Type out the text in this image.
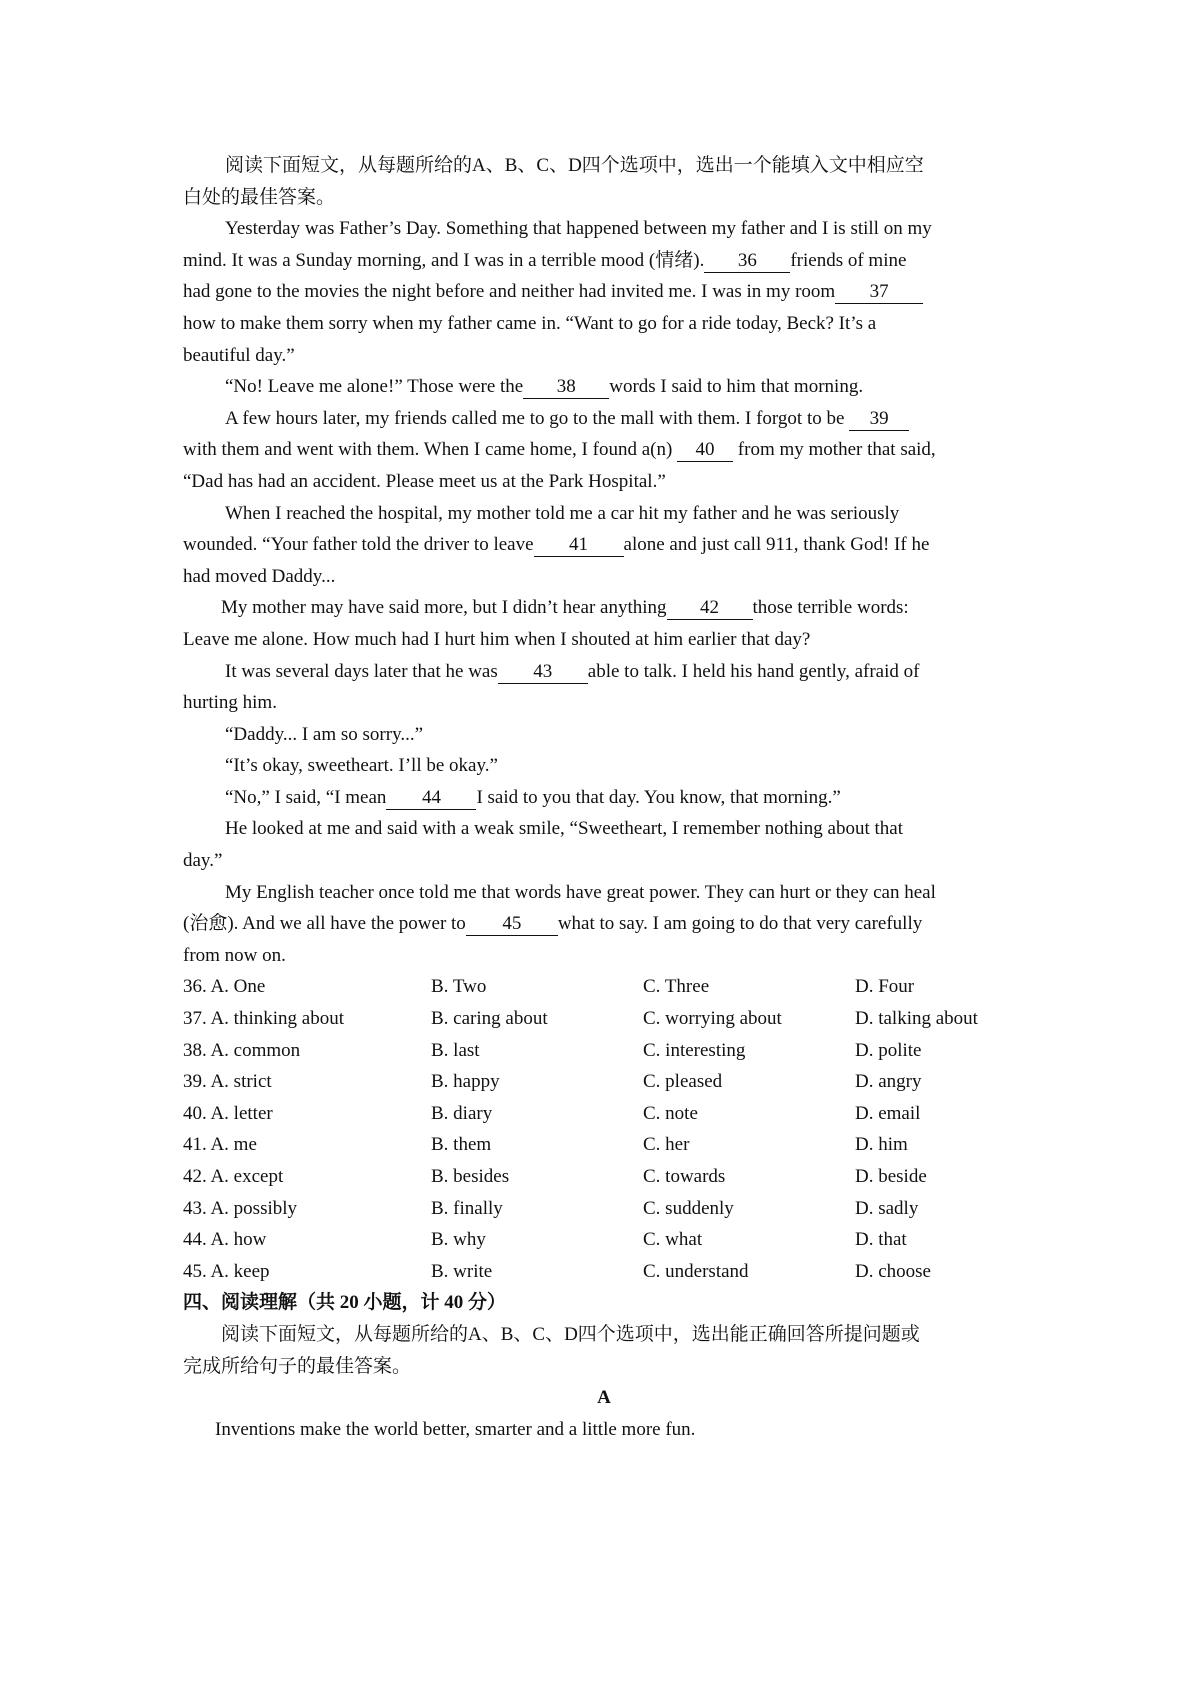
阅读下面短文，从每题所给的A、B、C、D四个选项中，选出一个能填入文中相应空
白处的最佳答案。

Yesterday was Father’s Day. Something that happened between my father and I is still on my
mind. It was a Sunday morning, and I was in a terrible mood (情绪). 36 friends of mine
had gone to the movies the night before and neither had invited me. I was in my room 37
how to make them sorry when my father came in. “Want to go for a ride today, Beck? It’s a
beautiful day.”

“No! Leave me alone!” Those were the 38 words I said to him that morning.

A few hours later, my friends called me to go to the mall with them. I forgot to be 39
with them and went with them. When I came home, I found a(n) 40 from my mother that said,
“Dad has had an accident. Please meet us at the Park Hospital.”

When I reached the hospital, my mother told me a car hit my father and he was seriously
wounded. “Your father told the driver to leave 41 alone and just call 911, thank God! If he
had moved Daddy...

My mother may have said more, but I didn’t hear anything 42 those terrible words:
Leave me alone. How much had I hurt him when I shouted at him earlier that day?

It was several days later that he was 43 able to talk. I held his hand gently, afraid of
hurting him.

“Daddy... I am so sorry...”

“It’s okay, sweetheart. I’ll be okay.”

“No,” I said, “I mean 44 I said to you that day. You know, that morning.”

He looked at me and said with a weak smile, “Sweetheart, I remember nothing about that
day.”

My English teacher once told me that words have great power. They can hurt or they can heal
(治愈). And we all have the power to 45 what to say. I am going to do that very carefully
from now on.

36. A. One	B. Two	C. Three	D. Four
37. A. thinking about	B. caring about	C. worrying about	D. talking about
38. A. common	B. last	C. interesting	D. polite
39. A. strict	B. happy	C. pleased	D. angry
40. A. letter	B. diary	C. note	D. email
41. A. me	B. them	C. her	D. him
42. A. except	B. besides	C. towards	D. beside
43. A. possibly	B. finally	C. suddenly	D. sadly
44. A. how	B. why	C. what	D. that
45. A. keep	B. write	C. understand	D. choose

四、阅读理解（共 20 小题，计 40 分）

阅读下面短文，从每题所给的A、B、C、D四个选项中，选出能正确回答所提问题或
完成所给句子的最佳答案。

A

Inventions make the world better, smarter and a little more fun.
